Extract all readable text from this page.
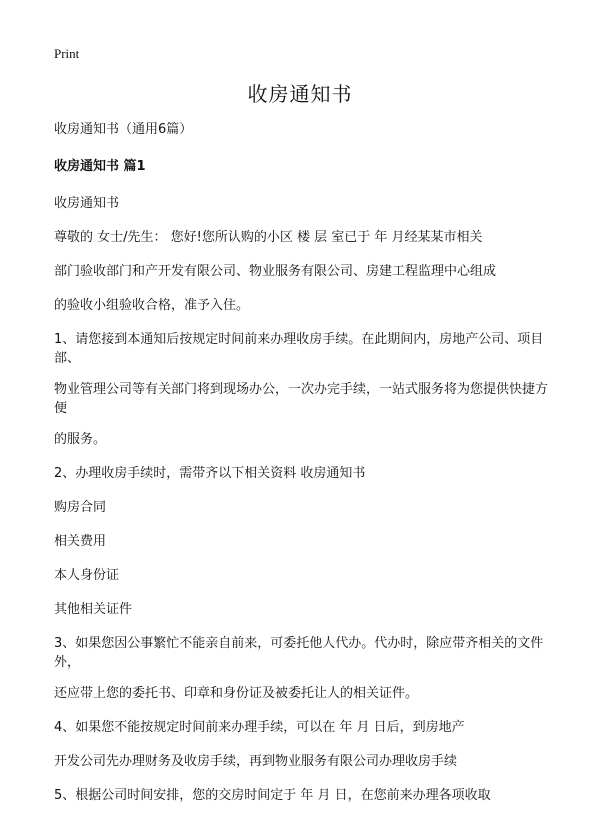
Print
收房通知书

收房通知书（通用6篇）

收房通知书 篇1

收房通知书

尊敬的 女士/先生： 您好!您所认购的小区 楼 层 室已于 年 月经某某市相关

部门验收部门和产开发有限公司、物业服务有限公司、房建工程监理中心组成

的验收小组验收合格，准予入住。

1、请您接到本通知后按规定时间前来办理收房手续。在此期间内，房地产公司、项目部、

物业管理公司等有关部门将到现场办公，一次办完手续，一站式服务将为您提供快捷方便

的服务。

2、办理收房手续时，需带齐以下相关资料 收房通知书

购房合同

相关费用

本人身份证

其他相关证件

3、如果您因公事繁忙不能亲自前来，可委托他人代办。代办时，除应带齐相关的文件外，

还应带上您的委托书、印章和身份证及被委托让人的相关证件。

4、如果您不能按规定时间前来办理手续，可以在 年 月 日后，到房地产

开发公司先办理财务及收房手续，再到物业服务有限公司办理收房手续

5、根据公司时间安排，您的交房时间定于 年 月 日，在您前来办理各项收取
